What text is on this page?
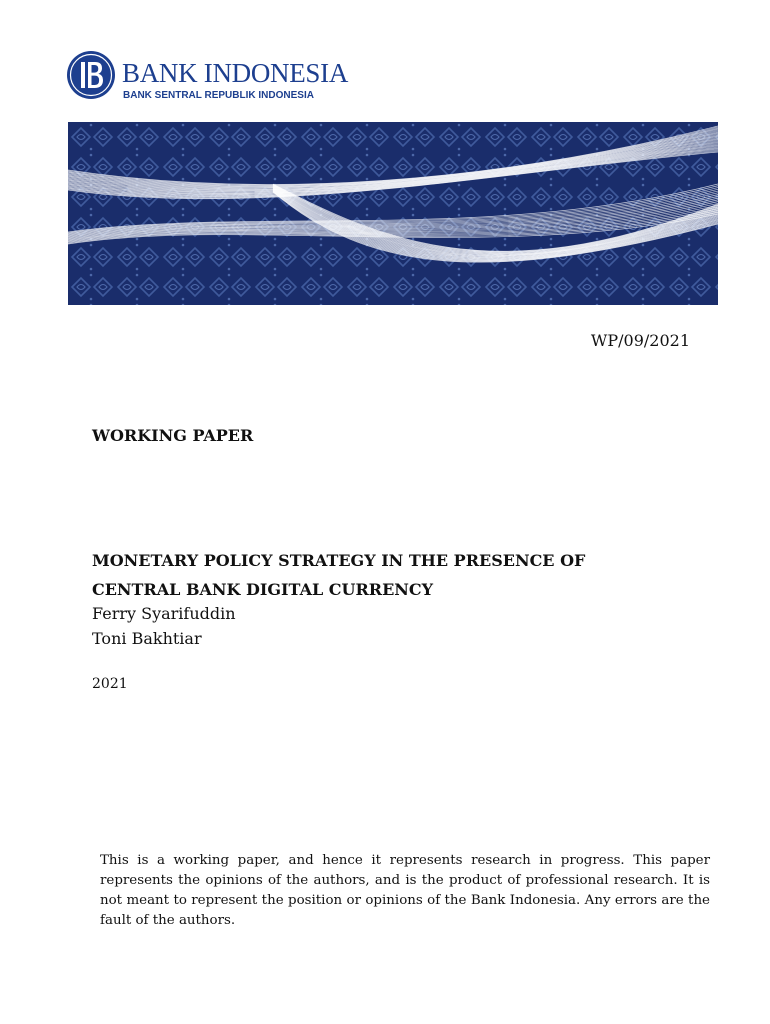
BANK INDONESIA
BANK SENTRAL REPUBLIK INDONESIA
WP/09/2021
WORKING PAPER
MONETARY POLICY STRATEGY IN THE PRESENCE OF
CENTRAL BANK DIGITAL CURRENCY
Ferry Syarifuddin
Toni Bakhtiar
2021
This is a working paper, and hence it represents research in progress. This paper represents the opinions of the authors, and is the product of professional research. It is not meant to represent the position or opinions of the Bank Indonesia. Any errors are the fault of the authors.
